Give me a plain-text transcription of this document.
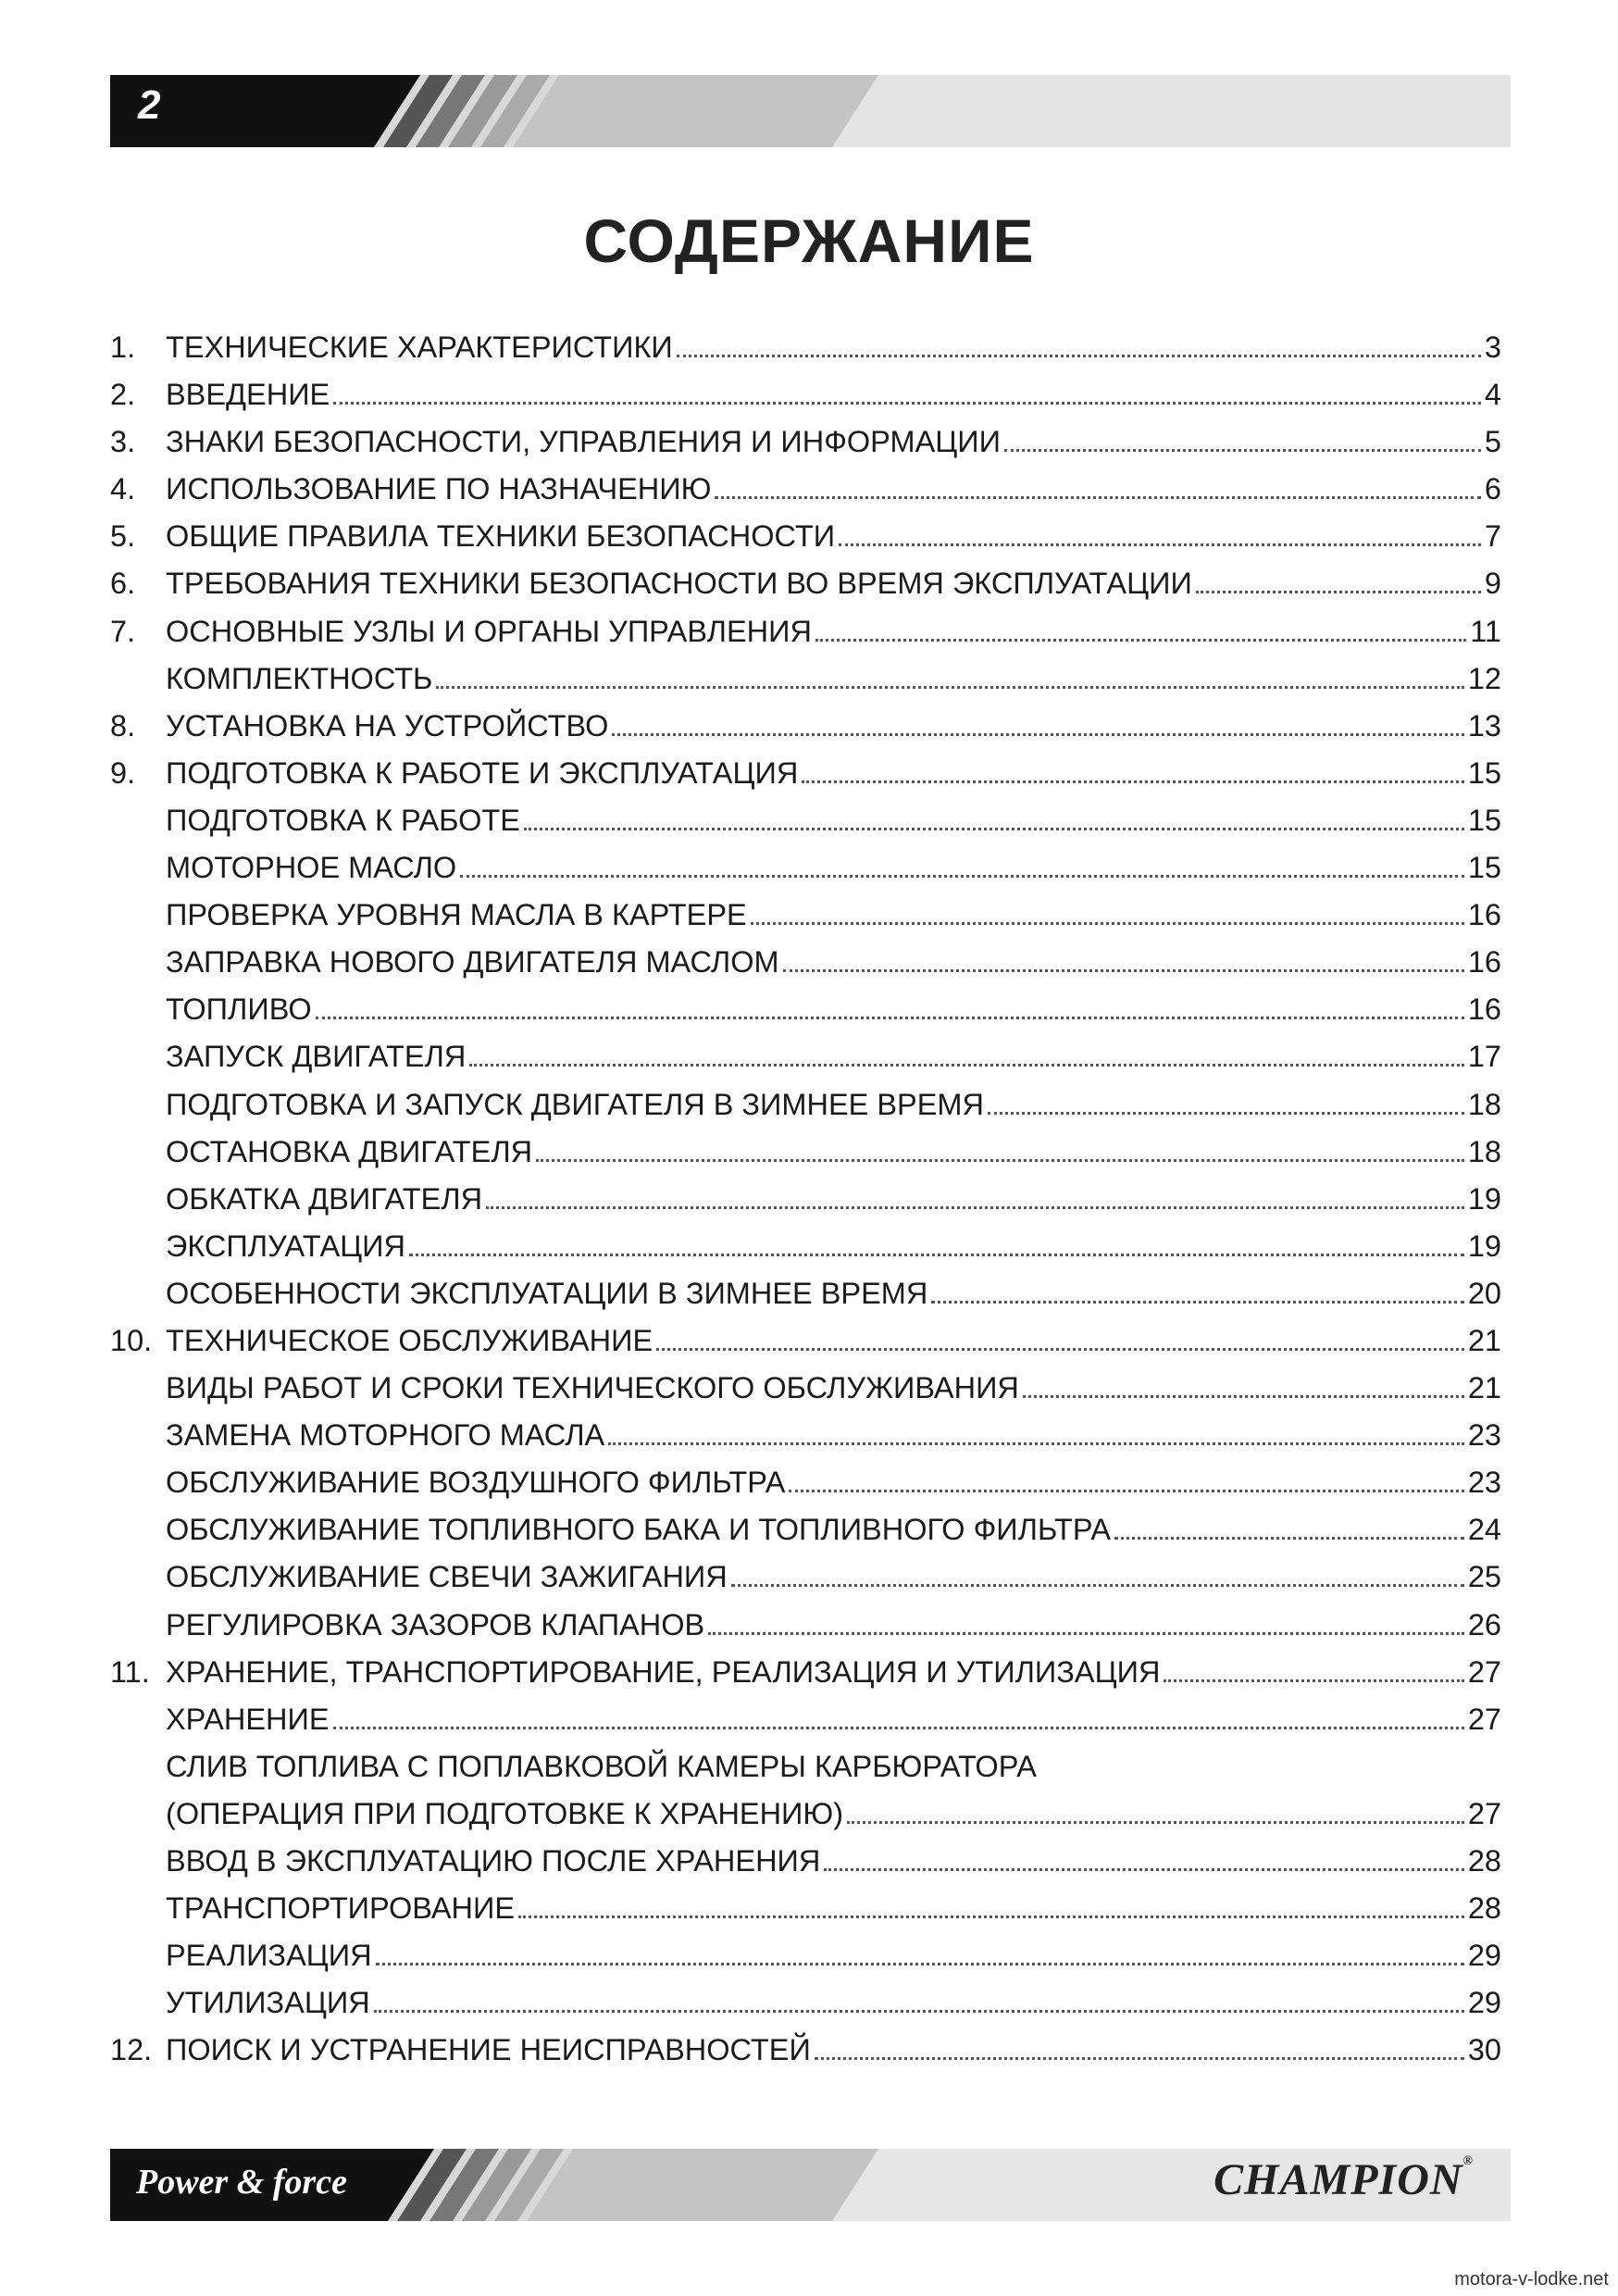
2
СОДЕРЖАНИЕ
1.	ТЕХНИЧЕСКИЕ ХАРАКТЕРИСТИКИ	3
2.	ВВЕДЕНИЕ	4
3.	ЗНАКИ БЕЗОПАСНОСТИ, УПРАВЛЕНИЯ И ИНФОРМАЦИИ	5
4.	ИСПОЛЬЗОВАНИЕ ПО НАЗНАЧЕНИЮ	6
5.	ОБЩИЕ ПРАВИЛА ТЕХНИКИ БЕЗОПАСНОСТИ	7
6.	ТРЕБОВАНИЯ ТЕХНИКИ БЕЗОПАСНОСТИ ВО ВРЕМЯ ЭКСПЛУАТАЦИИ	9
7.	ОСНОВНЫЕ УЗЛЫ И ОРГАНЫ УПРАВЛЕНИЯ	11
КОМПЛЕКТНОСТЬ	12
8.	УСТАНОВКА НА УСТРОЙСТВО	13
9.	ПОДГОТОВКА К РАБОТЕ И ЭКСПЛУАТАЦИЯ	15
ПОДГОТОВКА К РАБОТЕ	15
МОТОРНОЕ МАСЛО	15
ПРОВЕРКА УРОВНЯ МАСЛА В КАРТЕРЕ	16
ЗАПРАВКА НОВОГО ДВИГАТЕЛЯ МАСЛОМ	16
ТОПЛИВО	16
ЗАПУСК ДВИГАТЕЛЯ	17
ПОДГОТОВКА И ЗАПУСК ДВИГАТЕЛЯ В ЗИМНЕЕ ВРЕМЯ	18
ОСТАНОВКА ДВИГАТЕЛЯ	18
ОБКАТКА ДВИГАТЕЛЯ	19
ЭКСПЛУАТАЦИЯ	19
ОСОБЕННОСТИ ЭКСПЛУАТАЦИИ В ЗИМНЕЕ ВРЕМЯ	20
10. ТЕХНИЧЕСКОЕ ОБСЛУЖИВАНИЕ	21
ВИДЫ РАБОТ И СРОКИ ТЕХНИЧЕСКОГО ОБСЛУЖИВАНИЯ	21
ЗАМЕНА МОТОРНОГО МАСЛА	23
ОБСЛУЖИВАНИЕ ВОЗДУШНОГО ФИЛЬТРА	23
ОБСЛУЖИВАНИЕ ТОПЛИВНОГО БАКА И ТОПЛИВНОГО ФИЛЬТРА	24
ОБСЛУЖИВАНИЕ СВЕЧИ ЗАЖИГАНИЯ	25
РЕГУЛИРОВКА ЗАЗОРОВ КЛАПАНОВ	26
11. ХРАНЕНИЕ, ТРАНСПОРТИРОВАНИЕ, РЕАЛИЗАЦИЯ И УТИЛИЗАЦИЯ	27
ХРАНЕНИЕ	27
СЛИВ ТОПЛИВА С ПОПЛАВКОВОЙ КАМЕРЫ КАРБЮРАТОРА
(ОПЕРАЦИЯ ПРИ ПОДГОТОВКЕ К ХРАНЕНИЮ)	27
ВВОД В ЭКСПЛУАТАЦИЮ ПОСЛЕ ХРАНЕНИЯ	28
ТРАНСПОРТИРОВАНИЕ	28
РЕАЛИЗАЦИЯ	29
УТИЛИЗАЦИЯ	29
12. ПОИСК И УСТРАНЕНИЕ НЕИСПРАВНОСТЕЙ	30
Power & force	CHAMPION®
motora-v-lodke.net
